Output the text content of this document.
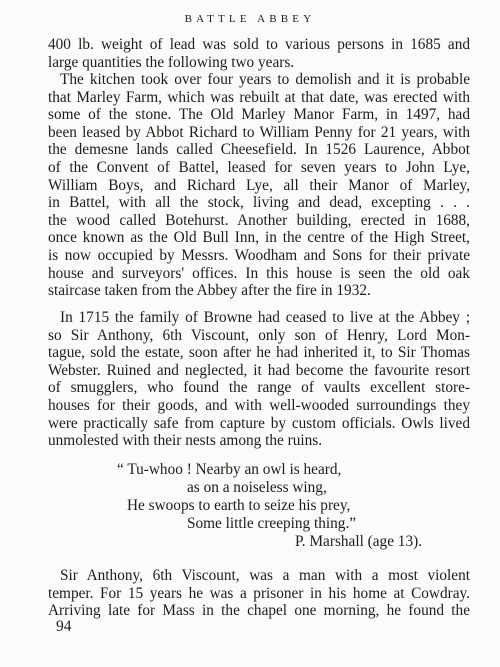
BATTLE ABBEY
400 lb. weight of lead was sold to various persons in 1685 and
large quantities the following two years.
The kitchen took over four years to demolish and it is probable
that Marley Farm, which was rebuilt at that date, was erected with
some of the stone. The Old Marley Manor Farm, in 1497, had
been leased by Abbot Richard to William Penny for 21 years, with
the demesne lands called Cheesefield. In 1526 Laurence, Abbot
of the Convent of Battel, leased for seven years to John Lye,
William Boys, and Richard Lye, all their Manor of Marley,
in Battel, with all the stock, living and dead, excepting . . .
the wood called Botehurst. Another building, erected in 1688,
once known as the Old Bull Inn, in the centre of the High Street,
is now occupied by Messrs. Woodham and Sons for their private
house and surveyors' offices. In this house is seen the old oak
staircase taken from the Abbey after the fire in 1932.
In 1715 the family of Browne had ceased to live at the Abbey ;
so Sir Anthony, 6th Viscount, only son of Henry, Lord Mon-
tague, sold the estate, soon after he had inherited it, to Sir Thomas
Webster. Ruined and neglected, it had become the favourite resort
of smugglers, who found the range of vaults excellent store-
houses for their goods, and with well-wooded surroundings they
were practically safe from capture by custom officials. Owls lived
unmolested with their nests among the ruins.
“ Tu-whoo ! Nearby an owl is heard,
as on a noiseless wing,
He swoops to earth to seize his prey,
Some little creeping thing.”
P. Marshall (age 13).
Sir Anthony, 6th Viscount, was a man with a most violent
temper. For 15 years he was a prisoner in his home at Cowdray.
Arriving late for Mass in the chapel one morning, he found the
94
